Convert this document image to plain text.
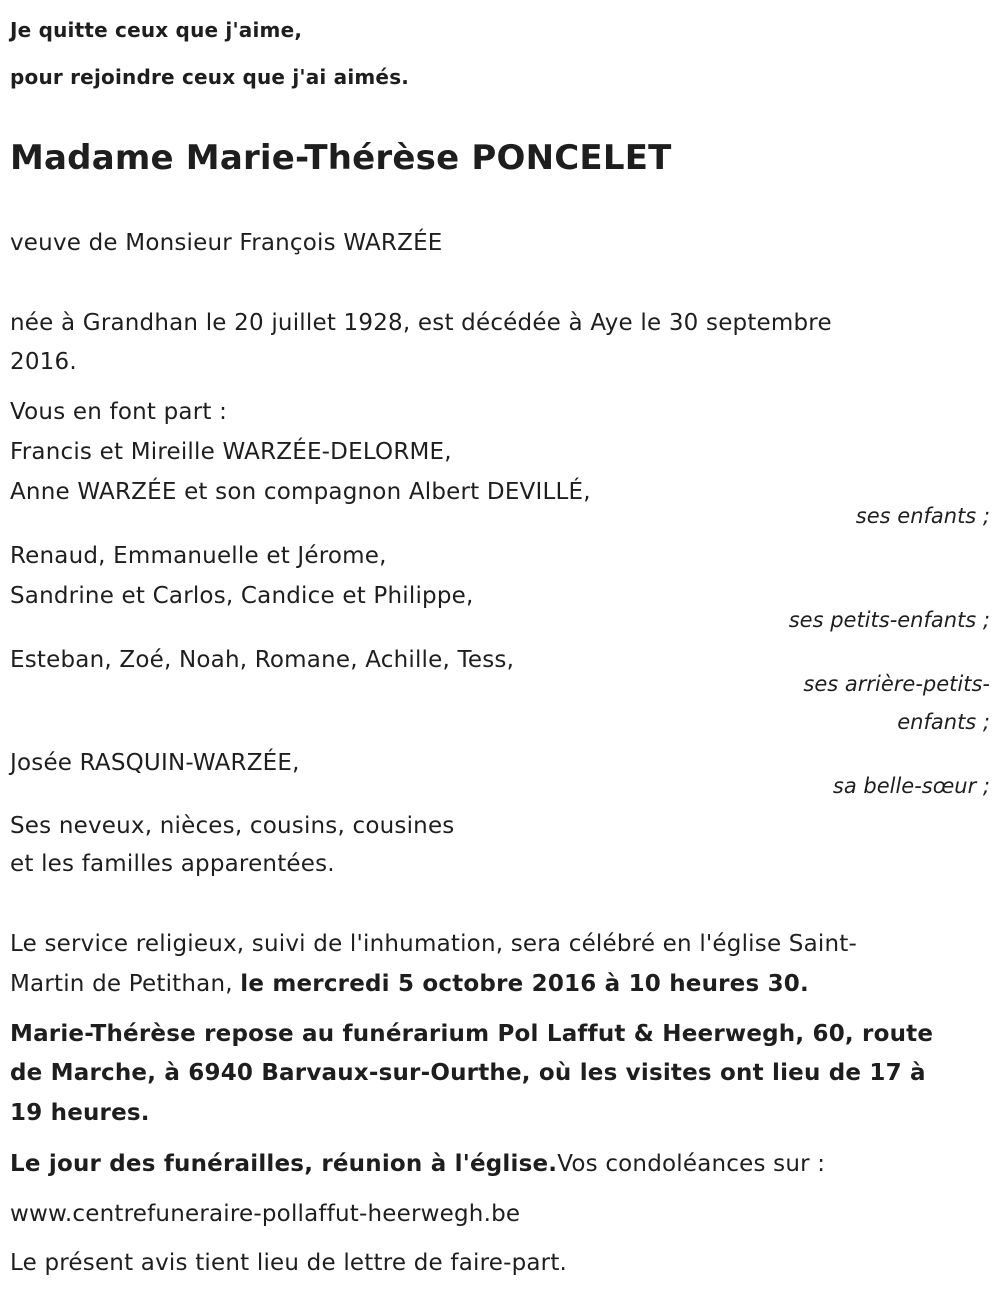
Je quitte ceux que j'aime,
pour rejoindre ceux que j'ai aimés.
Madame Marie-Thérèse PONCELET
veuve de Monsieur François WARZÉE
née à Grandhan le 20 juillet 1928, est décédée à Aye le 30 septembre
2016.
Vous en font part :
Francis et Mireille WARZÉE-DELORME,
Anne WARZÉE et son compagnon Albert DEVILLÉ,
ses enfants ;
Renaud, Emmanuelle et Jérome,
Sandrine et Carlos, Candice et Philippe,
ses petits-enfants ;
Esteban, Zoé, Noah, Romane, Achille, Tess,
ses arrière-petits-
enfants ;
Josée RASQUIN-WARZÉE,
sa belle-sœur ;
Ses neveux, nièces, cousins, cousines
et les familles apparentées.
Le service religieux, suivi de l'inhumation, sera célébré en l'église Saint-
Martin de Petithan, le mercredi 5 octobre 2016 à 10 heures 30.
Marie-Thérèse repose au funérarium Pol Laffut & Heerwegh, 60, route
de Marche, à 6940 Barvaux-sur-Ourthe, où les visites ont lieu de 17 à
19 heures.
Le jour des funérailles, réunion à l'église.Vos condoléances sur :
www.centrefuneraire-pollaffut-heerwegh.be
Le présent avis tient lieu de lettre de faire-part.
